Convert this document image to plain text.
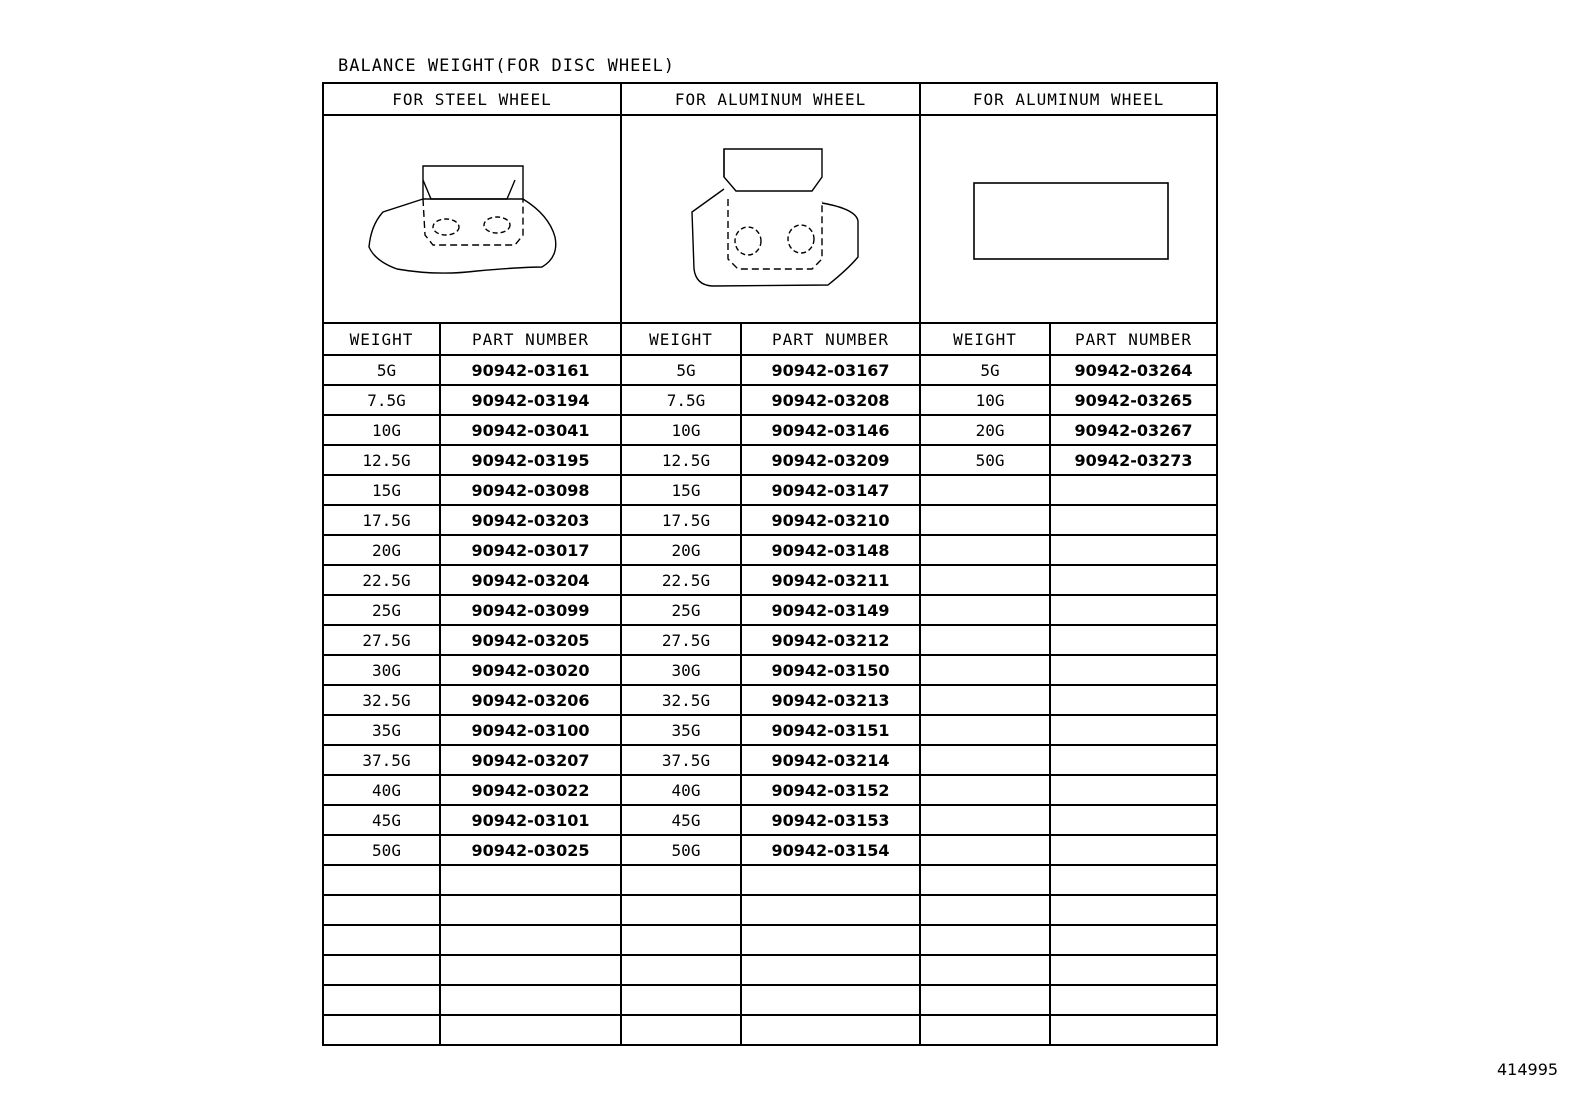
BALANCE WEIGHT(FOR DISC WHEEL)
FOR STEEL WHEEL		FOR ALUMINUM WHEEL		FOR ALUMINUM WHEEL	

WEIGHT	PART NUMBER	WEIGHT	PART NUMBER	WEIGHT	PART NUMBER
5G	90942-03161	5G	90942-03167	5G	90942-03264
7.5G	90942-03194	7.5G	90942-03208	10G	90942-03265
10G	90942-03041	10G	90942-03146	20G	90942-03267
12.5G	90942-03195	12.5G	90942-03209	50G	90942-03273
15G	90942-03098	15G	90942-03147		
17.5G	90942-03203	17.5G	90942-03210		
20G	90942-03017	20G	90942-03148		
22.5G	90942-03204	22.5G	90942-03211		
25G	90942-03099	25G	90942-03149		
27.5G	90942-03205	27.5G	90942-03212		
30G	90942-03020	30G	90942-03150		
32.5G	90942-03206	32.5G	90942-03213		
35G	90942-03100	35G	90942-03151		
37.5G	90942-03207	37.5G	90942-03214		
40G	90942-03022	40G	90942-03152		
45G	90942-03101	45G	90942-03153		
50G	90942-03025	50G	90942-03154		

414995
